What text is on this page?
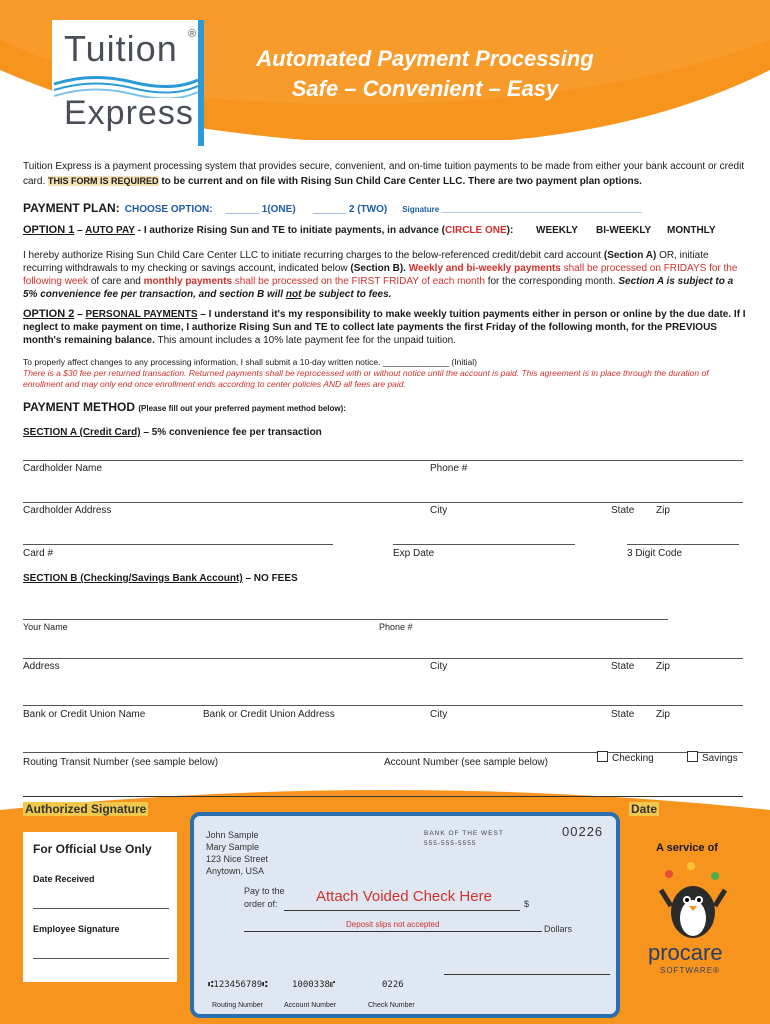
Tuition ®
Express
Automated Payment Processing
Safe – Convenient – Easy
Tuition Express is a payment processing system that provides secure, convenient, and on-time tuition payments to be made from either your bank account or credit card. THIS FORM IS REQUIRED to be current and on file with Rising Sun Child Care Center LLC. There are two payment plan options.
PAYMENT PLAN: CHOOSE OPTION: ______ 1(ONE) ______ 2 (TWO) Signature _____________________________________________
OPTION 1 – AUTO PAY - I authorize Rising Sun and TE to initiate payments, in advance (CIRCLE ONE): WEEKLY BI-WEEKLY MONTHLY
I hereby authorize Rising Sun Child Care Center LLC to initiate recurring charges to the below-referenced credit/debit card account (Section A) OR, initiate recurring withdrawals to my checking or savings account, indicated below (Section B). Weekly and bi-weekly payments shall be processed on FRIDAYS for the following week of care and monthly payments shall be processed on the FIRST FRIDAY of each month for the corresponding month. Section A is subject to a 5% convenience fee per transaction, and section B will not be subject to fees.
OPTION 2 – PERSONAL PAYMENTS – I understand it's my responsibility to make weekly tuition payments either in person or online by the due date. If I neglect to make payment on time, I authorize Rising Sun and TE to collect late payments the first Friday of the following month, for the PREVIOUS month's remaining balance. This amount includes a 10% late payment fee for the unpaid tuition.
To properly affect changes to any processing information, I shall submit a 10-day written notice. ______________ (Initial)
There is a $30 fee per returned transaction. Returned payments shall be reprocessed with or without notice until the account is paid. This agreement is in place through the duration of enrollment and may only end once enrollment ends according to center policies AND all fees are paid.
PAYMENT METHOD (Please fill out your preferred payment method below):
SECTION A (Credit Card) – 5% convenience fee per transaction
Cardholder Name	Phone #
Cardholder Address	City	State Zip
Card #	Exp Date	3 Digit Code
SECTION B (Checking/Savings Bank Account) – NO FEES
Your Name	Phone #
Address	City	State Zip
Bank or Credit Union Name	Bank or Credit Union Address	City	State Zip
Routing Transit Number (see sample below)	Account Number (see sample below)	Checking	Savings
Authorized Signature	Date
For Official Use Only
Date Received
Employee Signature
John Sample
Mary Sample
123 Nice Street
Anytown, USA
BANK OF THE WEST
555-555-5555
00226
Pay to the
order of:	Attach Voided Check Here	$
Deposit slips not accepted	Dollars
⑆123456789⑆	1000338⑈	0226
Routing Number	Account Number	Check Number
A service of
procare
SOFTWARE®
